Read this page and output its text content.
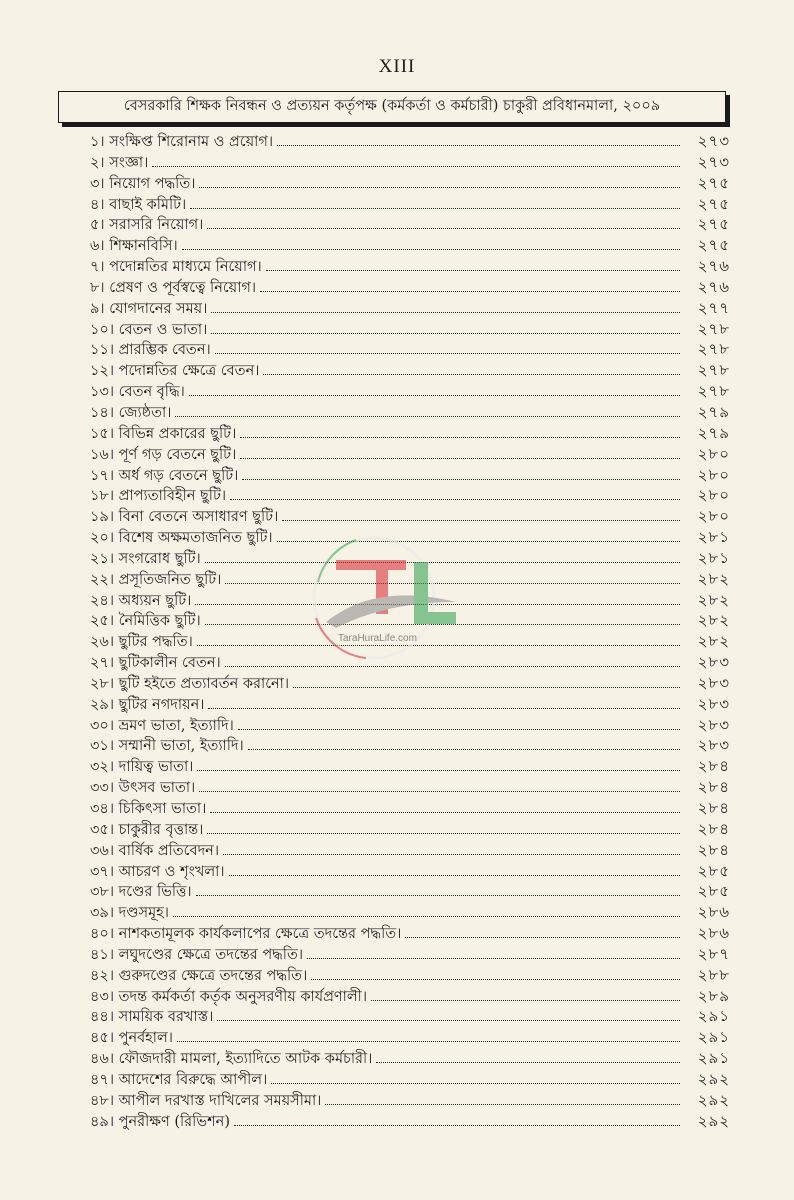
XIII
বেসরকারি শিক্ষক নিবন্ধন ও প্রত্যয়ন কর্তৃপক্ষ (কর্মকর্তা ও কর্মচারী) চাকুরী প্রবিধানমালা, ২০০৯
১। সংক্ষিপ্ত শিরোনাম ও প্রয়োগ।	২৭৩
২। সংজ্ঞা।	২৭৩
৩। নিয়োগ পদ্ধতি।	২৭৫
৪। বাছাই কমিটি।	২৭৫
৫। সরাসরি নিয়োগ।	২৭৫
৬। শিক্ষানবিসি।	২৭৫
৭। পদোন্নতির মাধ্যমে নিয়োগ।	২৭৬
৮। প্রেষণ ও পূর্বস্বত্বে নিয়োগ।	২৭৬
৯। যোগদানের সময়।	২৭৭
১০। বেতন ও ভাতা।	২৭৮
১১। প্রারম্ভিক বেতন।	২৭৮
১২। পদোন্নতির ক্ষেত্রে বেতন।	২৭৮
১৩। বেতন বৃদ্ধি।	২৭৮
১৪। জ্যেষ্ঠতা।	২৭৯
১৫। বিভিন্ন প্রকারের ছুটি।	২৭৯
১৬। পূর্ণ গড় বেতনে ছুটি।	২৮০
১৭। অর্ধ গড় বেতনে ছুটি।	২৮০
১৮। প্রাপ্যতাবিহীন ছুটি।	২৮০
১৯। বিনা বেতনে অসাধারণ ছুটি।	২৮০
২০। বিশেষ অক্ষমতাজনিত ছুটি।	২৮১
২১। সংগরোধ ছুটি।	২৮১
২২। প্রসূতিজনিত ছুটি।	২৮২
২৪। অধ্যয়ন ছুটি।	২৮২
২৫। নৈমিত্তিক ছুটি।	২৮২
২৬। ছুটির পদ্ধতি।	২৮২
২৭। ছুটিকালীন বেতন।	২৮৩
২৮। ছুটি হইতে প্রত্যাবর্তন করানো।	২৮৩
২৯। ছুটির নগদায়ন।	২৮৩
৩০। ভ্রমণ ভাতা, ইত্যাদি।	২৮৩
৩১। সম্মানী ভাতা, ইত্যাদি।	২৮৩
৩২। দায়িত্ব ভাতা।	২৮৪
৩৩। উৎসব ভাতা।	২৮৪
৩৪। চিকিৎসা ভাতা।	২৮৪
৩৫। চাকুরীর বৃত্তান্ত।	২৮৪
৩৬। বার্ষিক প্রতিবেদন।	২৮৪
৩৭। আচরণ ও শৃংখলা।	২৮৫
৩৮। দণ্ডের ভিত্তি।	২৮৫
৩৯। দণ্ডসমূহ।	২৮৬
৪০। নাশকতামূলক কার্যকলাপের ক্ষেত্রে তদন্তের পদ্ধতি।	২৮৬
৪১। লঘুদণ্ডের ক্ষেত্রে তদন্তের পদ্ধতি।	২৮৭
৪২। গুরুদণ্ডের ক্ষেত্রে তদন্তের পদ্ধতি।	২৮৮
৪৩। তদন্ত কর্মকর্তা কর্তৃক অনুসরণীয় কার্যপ্রণালী।	২৮৯
৪৪। সাময়িক বরখাস্ত।	২৯১
৪৫। পুনর্বহাল।	২৯১
৪৬। ফৌজদারী মামলা, ইত্যাদিতে আটক কর্মচারী।	২৯১
৪৭। আদেশের বিরুদ্ধে আপীল।	২৯২
৪৮। আপীল দরখাস্ত দাখিলের সময়সীমা।	২৯২
৪৯। পুনরীক্ষণ (রিভিশন)	২৯২
TaraHuraLife.com
